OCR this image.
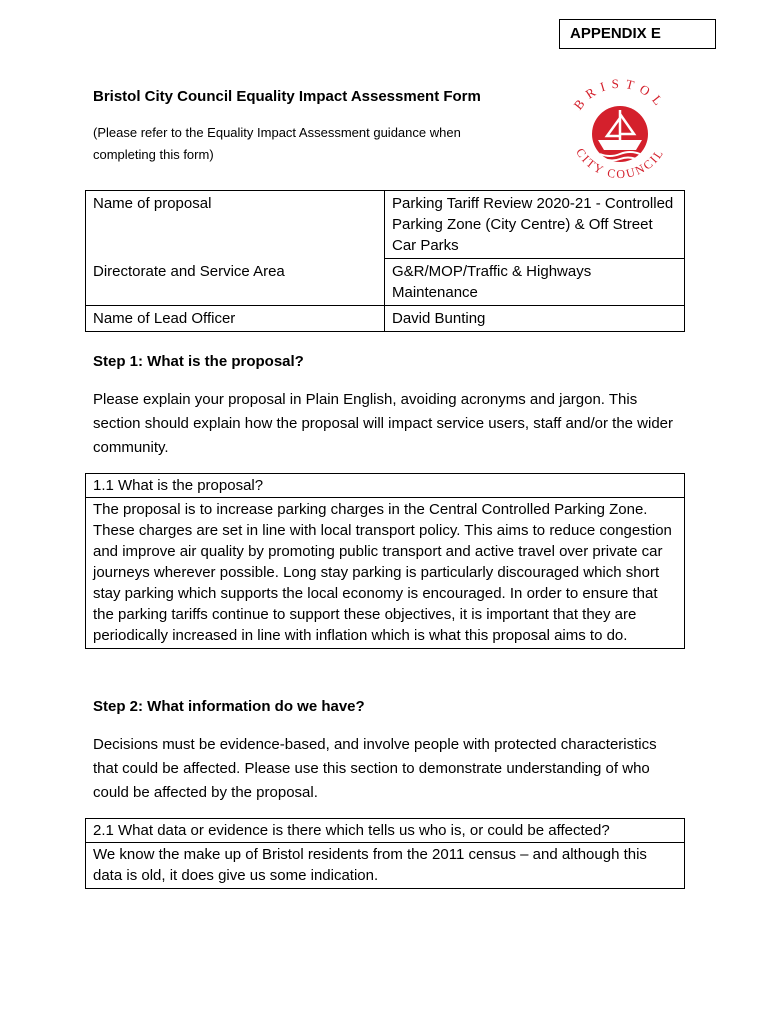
APPENDIX E
Bristol City Council Equality Impact Assessment Form
(Please refer to the Equality Impact Assessment guidance when completing this form)
BRISTOL
CITY COUNCIL
Name of proposal	Parking Tariff Review 2020-21 - Controlled Parking Zone (City Centre) & Off Street Car Parks
Directorate and Service Area	G&R/MOP/Traffic & Highways Maintenance
Name of Lead Officer	David Bunting
Step 1: What is the proposal?
Please explain your proposal in Plain English, avoiding acronyms and jargon. This section should explain how the proposal will impact service users, staff and/or the wider community.
1.1 What is the proposal?
The proposal is to increase parking charges in the Central Controlled Parking Zone. These charges are set in line with local transport policy. This aims to reduce congestion and improve air quality by promoting public transport and active travel over private car journeys wherever possible. Long stay parking is particularly discouraged which short stay parking which supports the local economy is encouraged. In order to ensure that the parking tariffs continue to support these objectives, it is important that they are periodically increased in line with inflation which is what this proposal aims to do.
Step 2: What information do we have?
Decisions must be evidence-based, and involve people with protected characteristics that could be affected. Please use this section to demonstrate understanding of who could be affected by the proposal.
2.1 What data or evidence is there which tells us who is, or could be affected?
We know the make up of Bristol residents from the 2011 census – and although this data is old, it does give us some indication.
